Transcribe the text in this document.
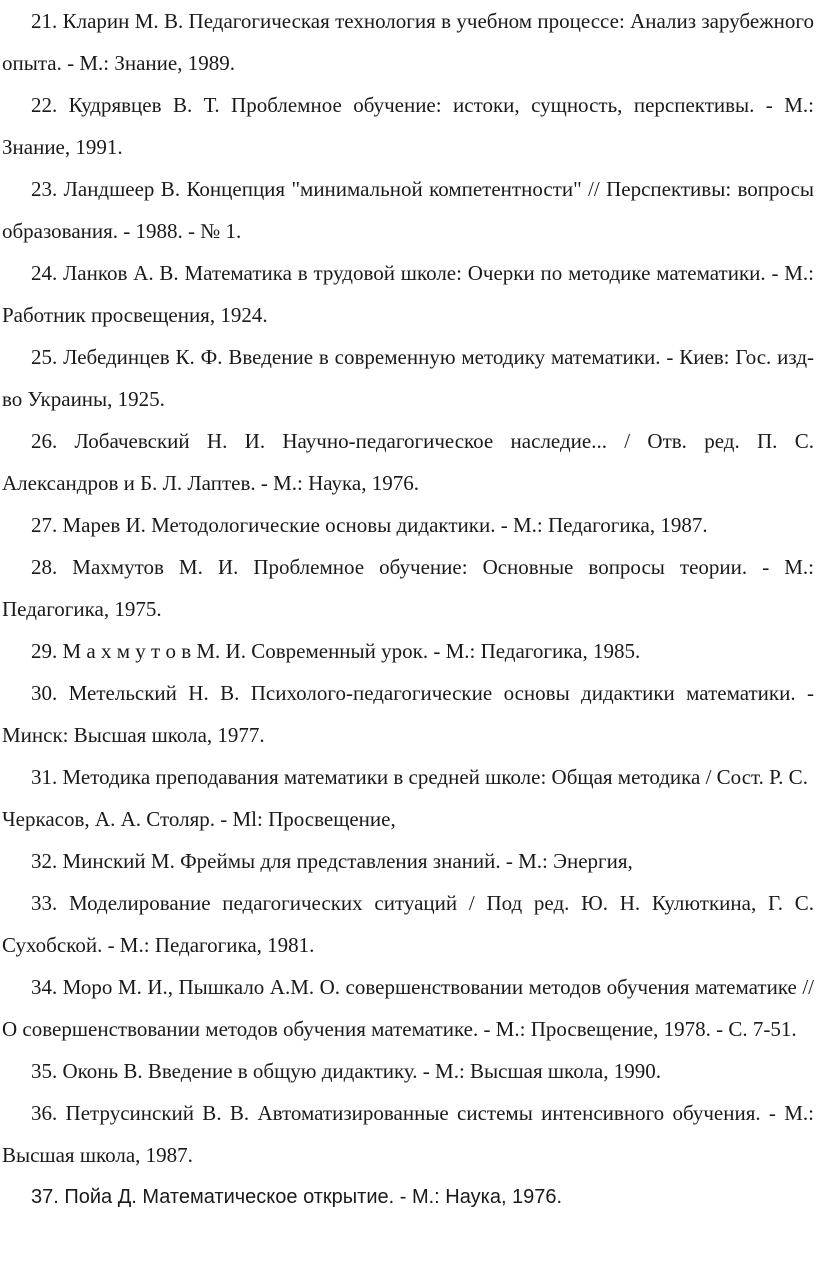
21. Кларин М. В. Педагогическая технология в учебном процессе: Анализ зарубежного опыта. - М.: Знание, 1989.

22. Кудрявцев В. Т. Проблемное обучение: истоки, сущность, перспективы. - М.: Знание, 1991.

23. Ландшеер В. Концепция "минимальной компетентности" // Перспективы: вопросы образования. - 1988. - № 1.

24. Ланков А. В. Математика в трудовой школе: Очерки по методике математики. - М.: Работник просвещения, 1924.

25. Лебединцев К. Ф. Введение в современную методику математики. - Киев: Гос. изд-во Украины, 1925.

26. Лобачевский Н. И. Научно-педагогическое наследие... / Отв. ред. П. С. Александров и Б. Л. Лаптев. - М.: Наука, 1976.

27. Марев И. Методологические основы дидактики. - М.: Педагогика, 1987.

28. Махмутов М. И. Проблемное обучение: Основные вопросы теории. - М.: Педагогика, 1975.

29. М а х м у т о в М. И. Современный урок. - М.: Педагогика, 1985.

30. Метельский Н. В. Психолого-педагогические основы дидактики математики. - Минск: Высшая школа, 1977.

31. Методика преподавания математики в средней школе: Общая методика / Сост. Р. С. Черкасов, А. А. Столяр. - Ml: Просвещение,

32. Минский М. Фреймы для представления знаний. - М.: Энергия,

33. Моделирование педагогических ситуаций / Под ред. Ю. Н. Кулюткина, Г. С. Сухобской. - М.: Педагогика, 1981.

34. Моро М. И., Пышкало А.М. О. совершенствовании методов обучения математике // О совершенствовании методов обучения математике. - М.: Просвещение, 1978. - С. 7-51.

35. Оконь В. Введение в общую дидактику. - М.: Высшая школа, 1990.

36. Петрусинский В. В. Автоматизированные системы интенсивного обучения. - М.: Высшая школа, 1987.

37. Пойа Д. Математическое открытие. - М.: Наука, 1976.
